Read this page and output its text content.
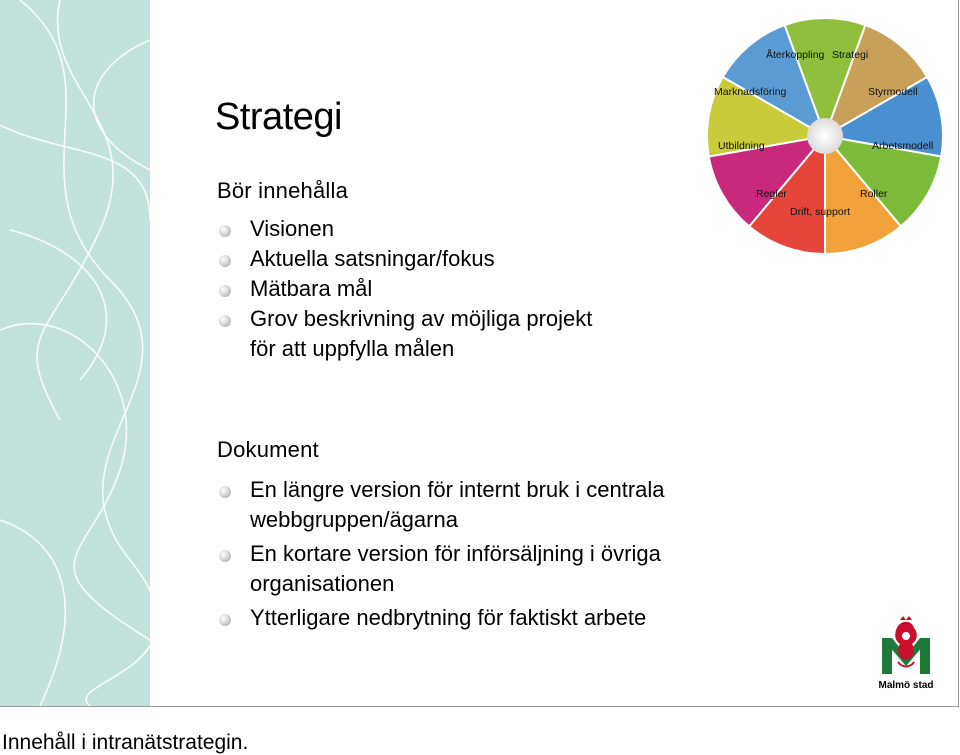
Strategi
Bör innehålla
Visionen
Aktuella satsningar/fokus
Mätbara mål
Grov beskrivning av möjliga projekt för att uppfylla målen
Dokument
En längre version för internt bruk i centrala webbgruppen/ägarna
En kortare version för införsäljning i övriga organisationen
Ytterligare nedbrytning för faktiskt arbete
Återkoppling Strategi
Styrmodell
Arbetsmodell
Roller
Drift, support
Regler
Utbildning
Marknadsföring
Malmö stad

Innehåll i intranätstrategin.
